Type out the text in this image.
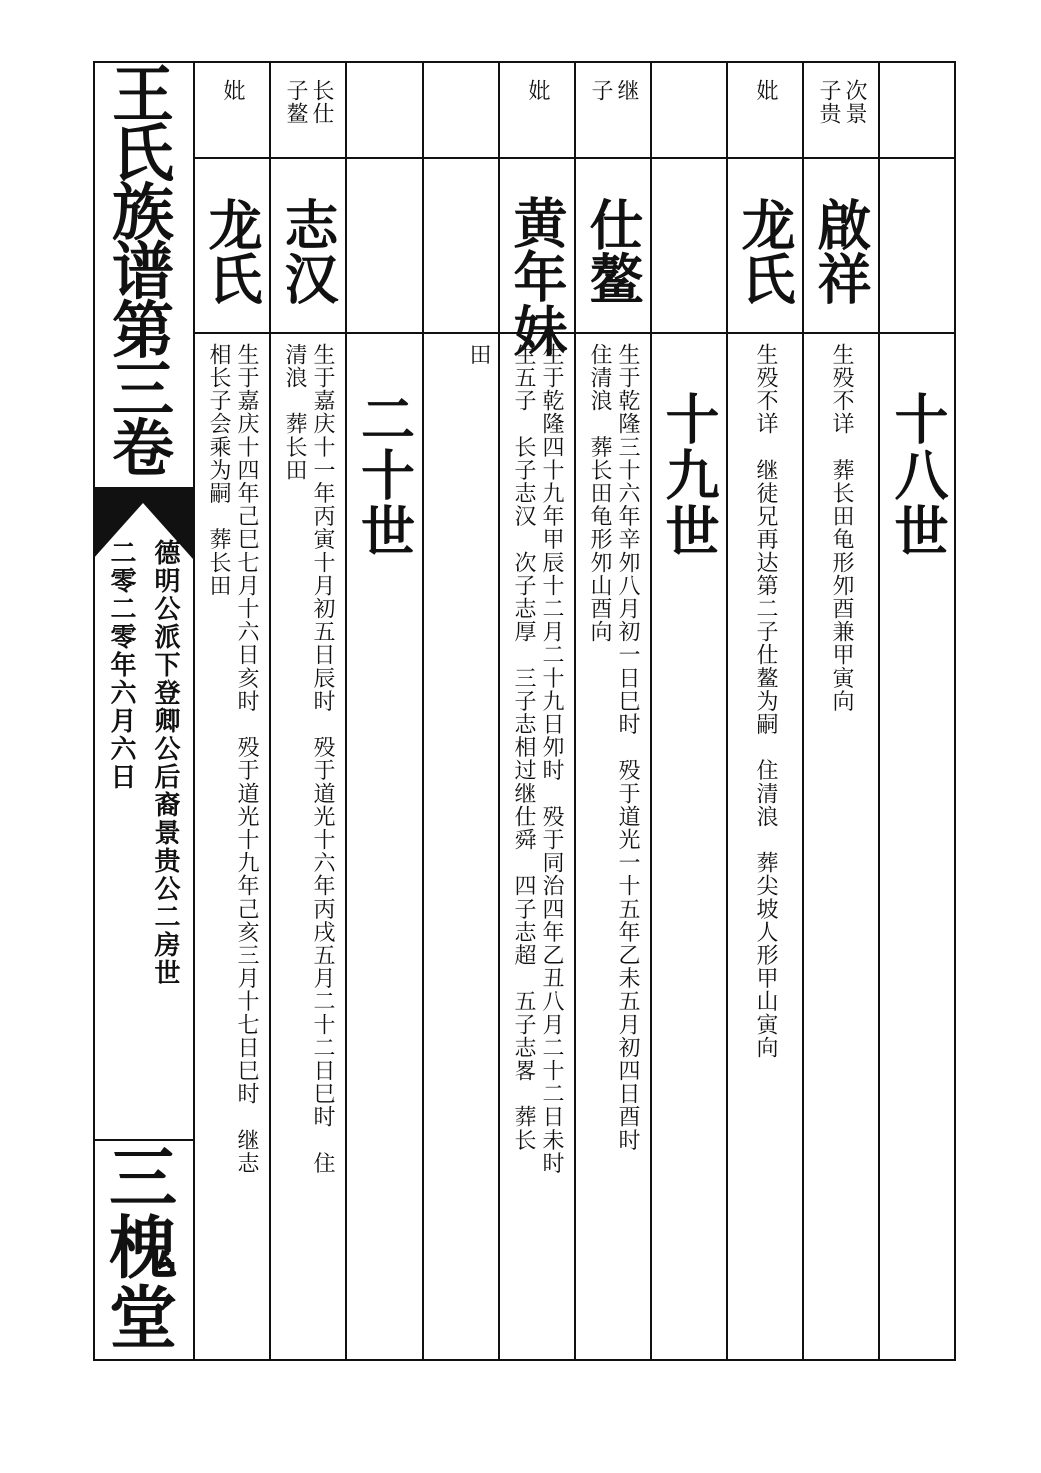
王
氏
族
谱
第
三
卷
德明公派下登卿公后裔景贵公二房世
二零二零年六月六日
三
槐
堂
十八世
次景
子贵
啟祥
生殁不详　葬长田龟形夘酉兼甲寅向
妣
龙氏
生殁不详　继徒兄再达第二子仕鳌为嗣　住清浪　葬尖坡人形甲山寅向
十九世
继
子
仕鳌
生于乾隆三十六年辛夘八月初一日巳时　殁于道光一十五年乙未五月初四日酉时
住清浪　葬长田龟形夘山酉向
妣
黄年妹
生于乾隆四十九年甲辰十二月二十九日夘时　殁于同治四年乙丑八月二十二日未时
生五子　长子志汉　次子志厚　三子志相过继仕舜　四子志超　五子志畧　葬长
田
二十世
长仕
子鳌
志汉
生于嘉庆十一年丙寅十月初五日辰时　殁于道光十六年丙戌五月二十二日巳时　住
清浪　葬长田
妣
龙氏
生于嘉庆十四年己巳七月十六日亥时　殁于道光十九年己亥三月十七日巳时　继志
相长子会乘为嗣　葬长田
